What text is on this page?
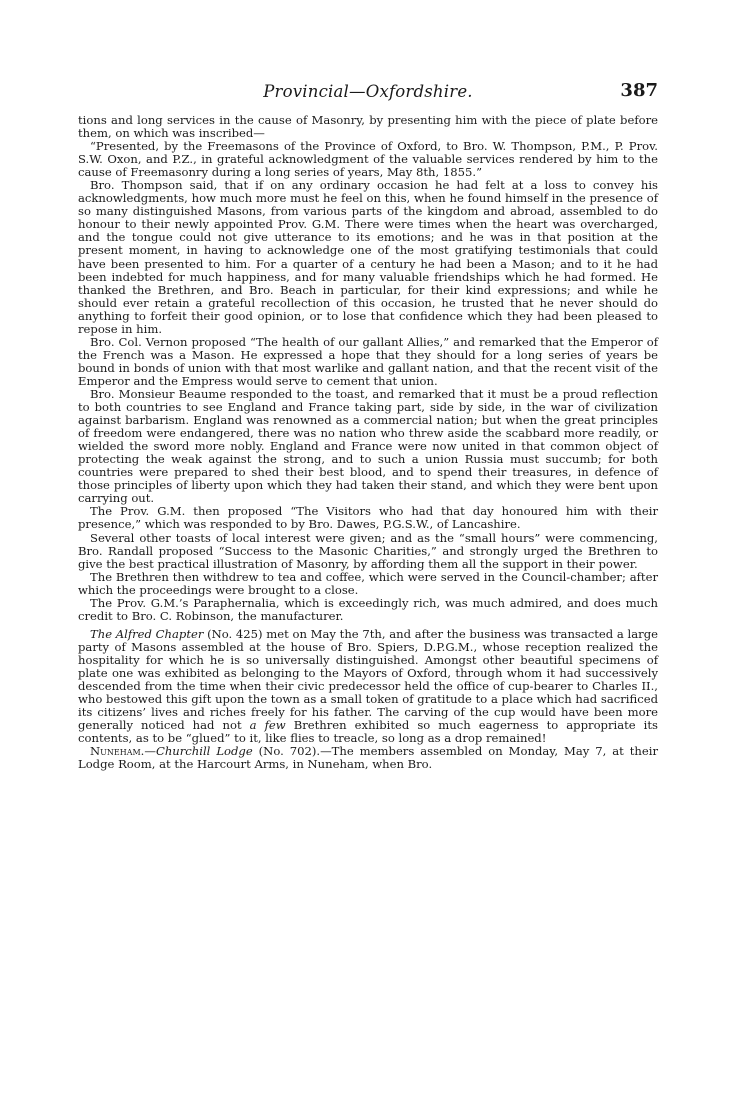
Provincial—Oxfordshire.	387

tions and long services in the cause of Masonry, by presenting him with the piece of plate before them, on which was inscribed—

“Presented, by the Freemasons of the Province of Oxford, to Bro. W. Thompson, P.M., P. Prov. S.W. Oxon, and P.Z., in grateful acknowledgment of the valuable services rendered by him to the cause of Freemasonry during a long series of years, May 8th, 1855.”

Bro. Thompson said, that if on any ordinary occasion he had felt at a loss to convey his acknowledgments, how much more must he feel on this, when he found himself in the presence of so many distinguished Masons, from various parts of the kingdom and abroad, assembled to do honour to their newly appointed Prov. G.M. There were times when the heart was overcharged, and the tongue could not give utterance to its emotions; and he was in that position at the present moment, in having to acknowledge one of the most gratifying testimonials that could have been presented to him. For a quarter of a century he had been a Mason; and to it he had been indebted for much happiness, and for many valuable friendships which he had formed. He thanked the Brethren, and Bro. Beach in particular, for their kind expressions; and while he should ever retain a grateful recollection of this occasion, he trusted that he never should do anything to forfeit their good opinion, or to lose that confidence which they had been pleased to repose in him.

Bro. Col. Vernon proposed “The health of our gallant Allies,” and remarked that the Emperor of the French was a Mason. He expressed a hope that they should for a long series of years be bound in bonds of union with that most warlike and gallant nation, and that the recent visit of the Emperor and the Empress would serve to cement that union.

Bro. Monsieur Beaume responded to the toast, and remarked that it must be a proud reflection to both countries to see England and France taking part, side by side, in the war of civilization against barbarism. England was renowned as a commercial nation; but when the great principles of freedom were endangered, there was no nation who threw aside the scabbard more readily, or wielded the sword more nobly. England and France were now united in that common object of protecting the weak against the strong, and to such a union Russia must succumb; for both countries were prepared to shed their best blood, and to spend their treasures, in defence of those principles of liberty upon which they had taken their stand, and which they were bent upon carrying out.

The Prov. G.M. then proposed “The Visitors who had that day honoured him with their presence,” which was responded to by Bro. Dawes, P.G.S.W., of Lancashire.

Several other toasts of local interest were given; and as the “small hours” were commencing, Bro. Randall proposed “Success to the Masonic Charities,” and strongly urged the Brethren to give the best practical illustration of Masonry, by affording them all the support in their power.

The Brethren then withdrew to tea and coffee, which were served in the Council-chamber; after which the proceedings were brought to a close.

The Prov. G.M.’s Paraphernalia, which is exceedingly rich, was much admired, and does much credit to Bro. C. Robinson, the manufacturer.

The Alfred Chapter (No. 425) met on May the 7th, and after the business was transacted a large party of Masons assembled at the house of Bro. Spiers, D.P.G.M., whose reception realized the hospitality for which he is so universally distinguished. Amongst other beautiful specimens of plate one was exhibited as belonging to the Mayors of Oxford, through whom it had successively descended from the time when their civic predecessor held the office of cup-bearer to Charles II., who bestowed this gift upon the town as a small token of gratitude to a place which had sacrificed its citizens’ lives and riches freely for his father. The carving of the cup would have been more generally noticed had not a few Brethren exhibited so much eagerness to appropriate its contents, as to be “glued” to it, like flies to treacle, so long as a drop remained!

Nuneham.—Churchill Lodge (No. 702).—The members assembled on Monday, May 7, at their Lodge Room, at the Harcourt Arms, in Nuneham, when Bro.
